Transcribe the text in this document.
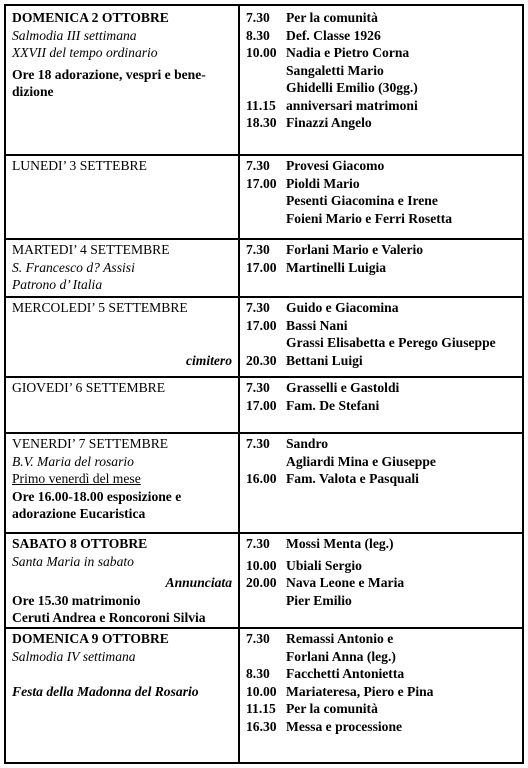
DOMENICA 2 OTTOBRE
Salmodia III settimana
XXVII del tempo ordinario
Ore 18 adorazione, vespri e bene-
dizione
7.30	Per la comunità
8.30	Def. Classe 1926
10.00 Nadia e Pietro Corna
Sangaletti Mario
Ghidelli Emilio (30gg.)
11.15 anniversari matrimoni
18.30 Finazzi Angelo
LUNEDI’ 3 SETTEBRE	7.30	Provesi Giacomo
17.00 Pioldi Mario
Pesenti Giacomina e Irene
Foieni Mario e Ferri Rosetta
MARTEDI’ 4 SETTEMBRE
S. Francesco d? Assisi
Patrono d’ Italia
7.30	Forlani Mario e Valerio
17.00 Martinelli Luigia
MERCOLEDI’ 5 SETTEMBRE
cimitero
7.30	Guido e Giacomina
17.00 Bassi Nani
Grassi Elisabetta e Perego Giuseppe
20.30 Bettani Luigi
GIOVEDI’ 6 SETTEMBRE	7.30	Grasselli e Gastoldi
17.00 Fam. De Stefani
VENERDI’ 7 SETTEMBRE
B.V. Maria del rosario
Primo venerdì del mese
Ore 16.00-18.00 esposizione e
adorazione Eucaristica
7.30	Sandro
Agliardi Mina e Giuseppe
16.00 Fam. Valota e Pasquali
SABATO 8 OTTOBRE
Santa Maria in sabato
Annunciata
Ore 15.30 matrimonio
Ceruti Andrea e Roncoroni Silvia
7.30	Mossi Menta (leg.)
10.00 Ubiali Sergio
20.00 Nava Leone e Maria
Pier Emilio
DOMENICA 9 OTTOBRE
Salmodia IV settimana
Festa della Madonna del Rosario
7.30	Remassi Antonio e
Forlani Anna (leg.)
8.30	Facchetti Antonietta
10.00 Mariateresa, Piero e Pina
11.15 Per la comunità
16.30 Messa e processione
